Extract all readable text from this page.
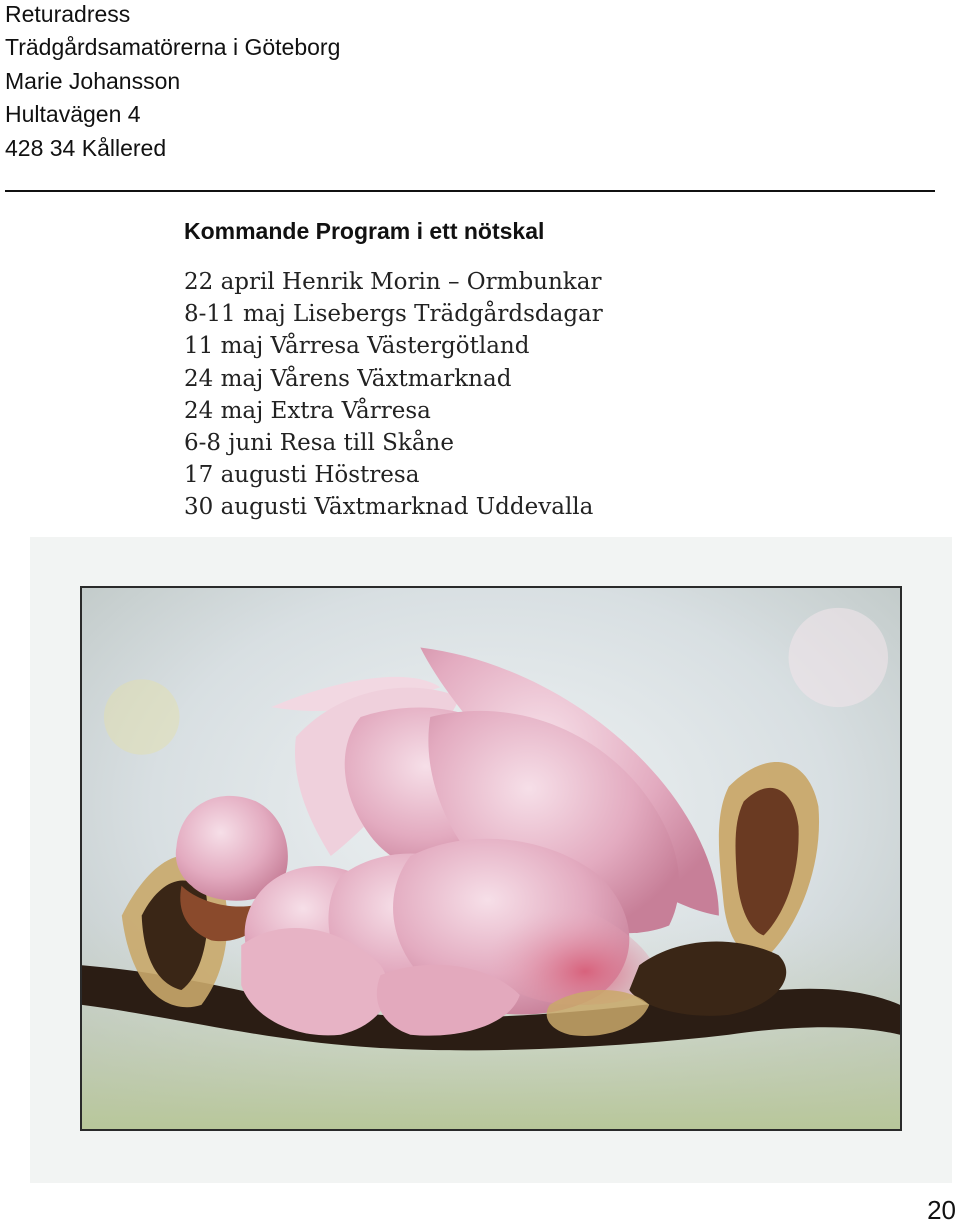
Returadress
Trädgårdsamatörerna i Göteborg
Marie Johansson
Hultavägen 4
428 34 Kållered
Kommande Program i ett nötskal
22 april Henrik Morin – Ormbunkar
8-11 maj Lisebergs Trädgårdsdagar
11 maj Vårresa Västergötland
24 maj Vårens Växtmarknad
24 maj Extra Vårresa
6-8 juni Resa till Skåne
17 augusti Höstresa
30 augusti Växtmarknad Uddevalla
20
